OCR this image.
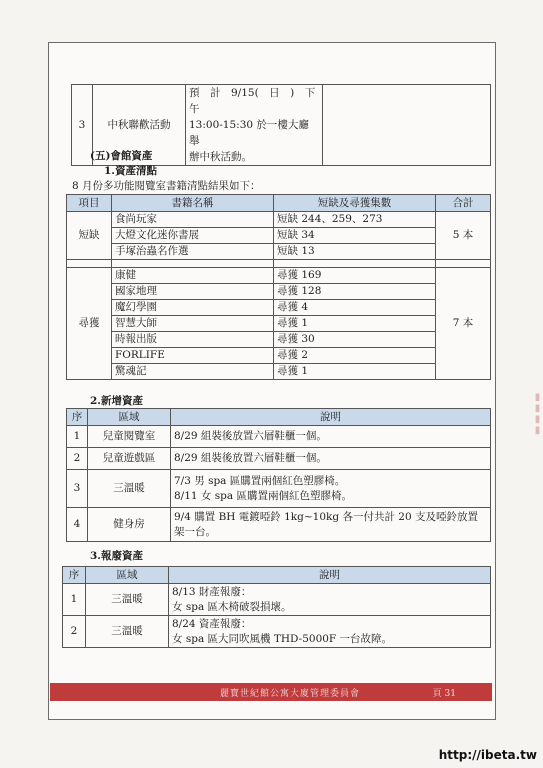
3	中秋聯歡活動	
預　計　9/15(　日　)　下　午
13:00-15:30 於一樓大廳舉
辦中秋活動。

(五)會館資產
1.資產清點
8 月份多功能閱覽室書籍清點結果如下：
項目	書籍名稱	短缺及尋獲集數	合計
短缺	食尚玩家	短缺 244、259、273	5 本
	大燈文化迷你書展	短缺 34	
	手塚治蟲名作選	短缺 13	

尋獲	康健	尋獲 169	7 本
	國家地理	尋獲 128	
	魔幻學園	尋獲 4	
	智慧大師	尋獲 1	
	時報出版	尋獲 30	
	FORLIFE	尋獲 2	
	驚魂記	尋獲 1	
2.新增資產
序	區域	說明
1	兒童閱覽室	8/29 組裝後放置六層鞋櫃一個。
2	兒童遊戲區	8/29 組裝後放置六層鞋櫃一個。
3	三溫暖	7/3 男 spa 區購置兩個紅色塑膠椅。
8/11 女 spa 區購置兩個紅色塑膠椅。

4	健身房	9/4 購置 BH 電鍍啞鈴 1kg~10kg 各一付共計 20 支及啞鈴放置
架一台。
3.報廢資產
序	區域	說明
1	三溫暖	8/13 財產報廢：
女 spa 區木椅破裂損壞。

2	三溫暖	8/24 資產報廢：
女 spa 區大同吹風機 THD-5000F 一台故障。
麗寶世紀館公寓大廈管理委員會	頁 31
▮▮▮▮
http://ibeta.tw
